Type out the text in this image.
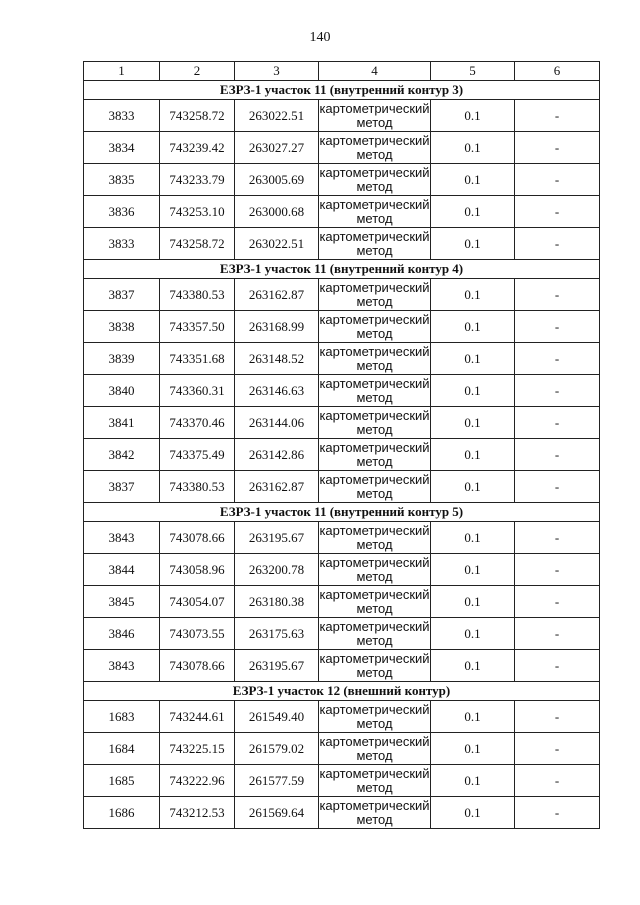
140
1	2	3	4	5	6
ЕЗРЗ-1 участок 11 (внутренний контур 3)					
3833	743258.72	263022.51	картометрический метод	0.1	-
3834	743239.42	263027.27	картометрический метод	0.1	-
3835	743233.79	263005.69	картометрический метод	0.1	-
3836	743253.10	263000.68	картометрический метод	0.1	-
3833	743258.72	263022.51	картометрический метод	0.1	-
ЕЗРЗ-1 участок 11 (внутренний контур 4)					
3837	743380.53	263162.87	картометрический метод	0.1	-
3838	743357.50	263168.99	картометрический метод	0.1	-
3839	743351.68	263148.52	картометрический метод	0.1	-
3840	743360.31	263146.63	картометрический метод	0.1	-
3841	743370.46	263144.06	картометрический метод	0.1	-
3842	743375.49	263142.86	картометрический метод	0.1	-
3837	743380.53	263162.87	картометрический метод	0.1	-
ЕЗРЗ-1 участок 11 (внутренний контур 5)					
3843	743078.66	263195.67	картометрический метод	0.1	-
3844	743058.96	263200.78	картометрический метод	0.1	-
3845	743054.07	263180.38	картометрический метод	0.1	-
3846	743073.55	263175.63	картометрический метод	0.1	-
3843	743078.66	263195.67	картометрический метод	0.1	-
ЕЗРЗ-1 участок 12 (внешний контур)					
1683	743244.61	261549.40	картометрический метод	0.1	-
1684	743225.15	261579.02	картометрический метод	0.1	-
1685	743222.96	261577.59	картометрический метод	0.1	-
1686	743212.53	261569.64	картометрический метод	0.1	-
